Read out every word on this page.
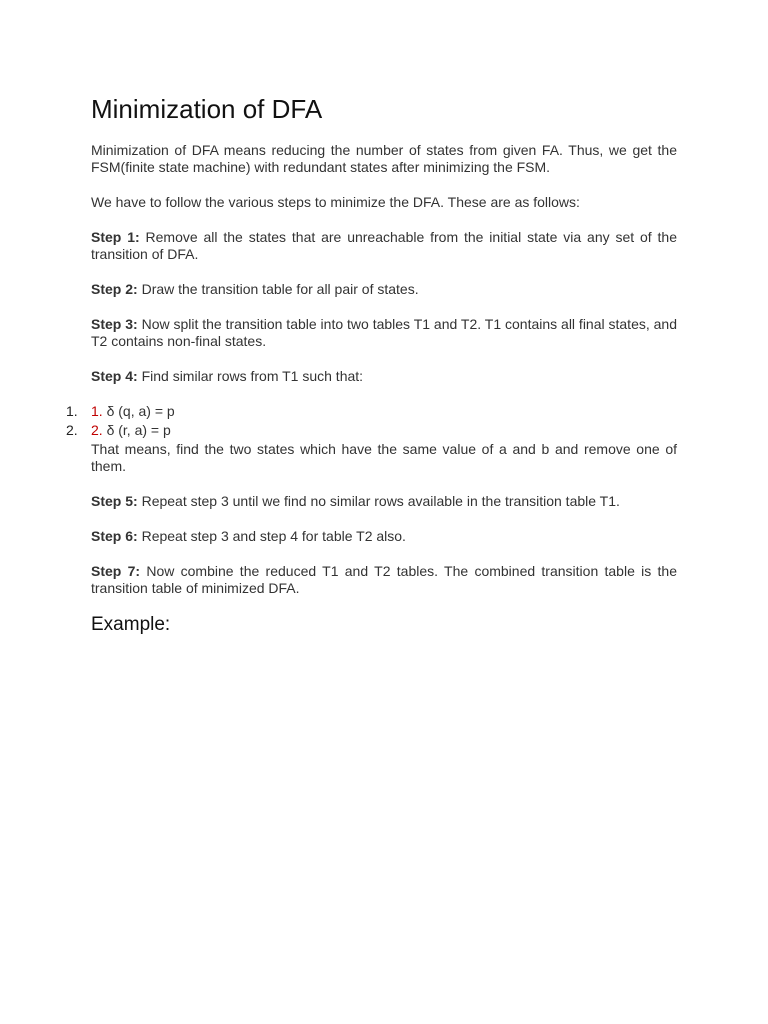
Minimization of DFA

Minimization of DFA means reducing the number of states from given FA. Thus, we get the FSM(finite state machine) with redundant states after minimizing the FSM.

We have to follow the various steps to minimize the DFA. These are as follows:

Step 1: Remove all the states that are unreachable from the initial state via any set of the transition of DFA.

Step 2: Draw the transition table for all pair of states.

Step 3: Now split the transition table into two tables T1 and T2. T1 contains all final states, and T2 contains non-final states.

Step 4: Find similar rows from T1 such that:

1. 1. δ (q, a) = p
2. 2. δ (r, a) = p

That means, find the two states which have the same value of a and b and remove one of them.

Step 5: Repeat step 3 until we find no similar rows available in the transition table T1.

Step 6: Repeat step 3 and step 4 for table T2 also.

Step 7: Now combine the reduced T1 and T2 tables. The combined transition table is the transition table of minimized DFA.

Example:
